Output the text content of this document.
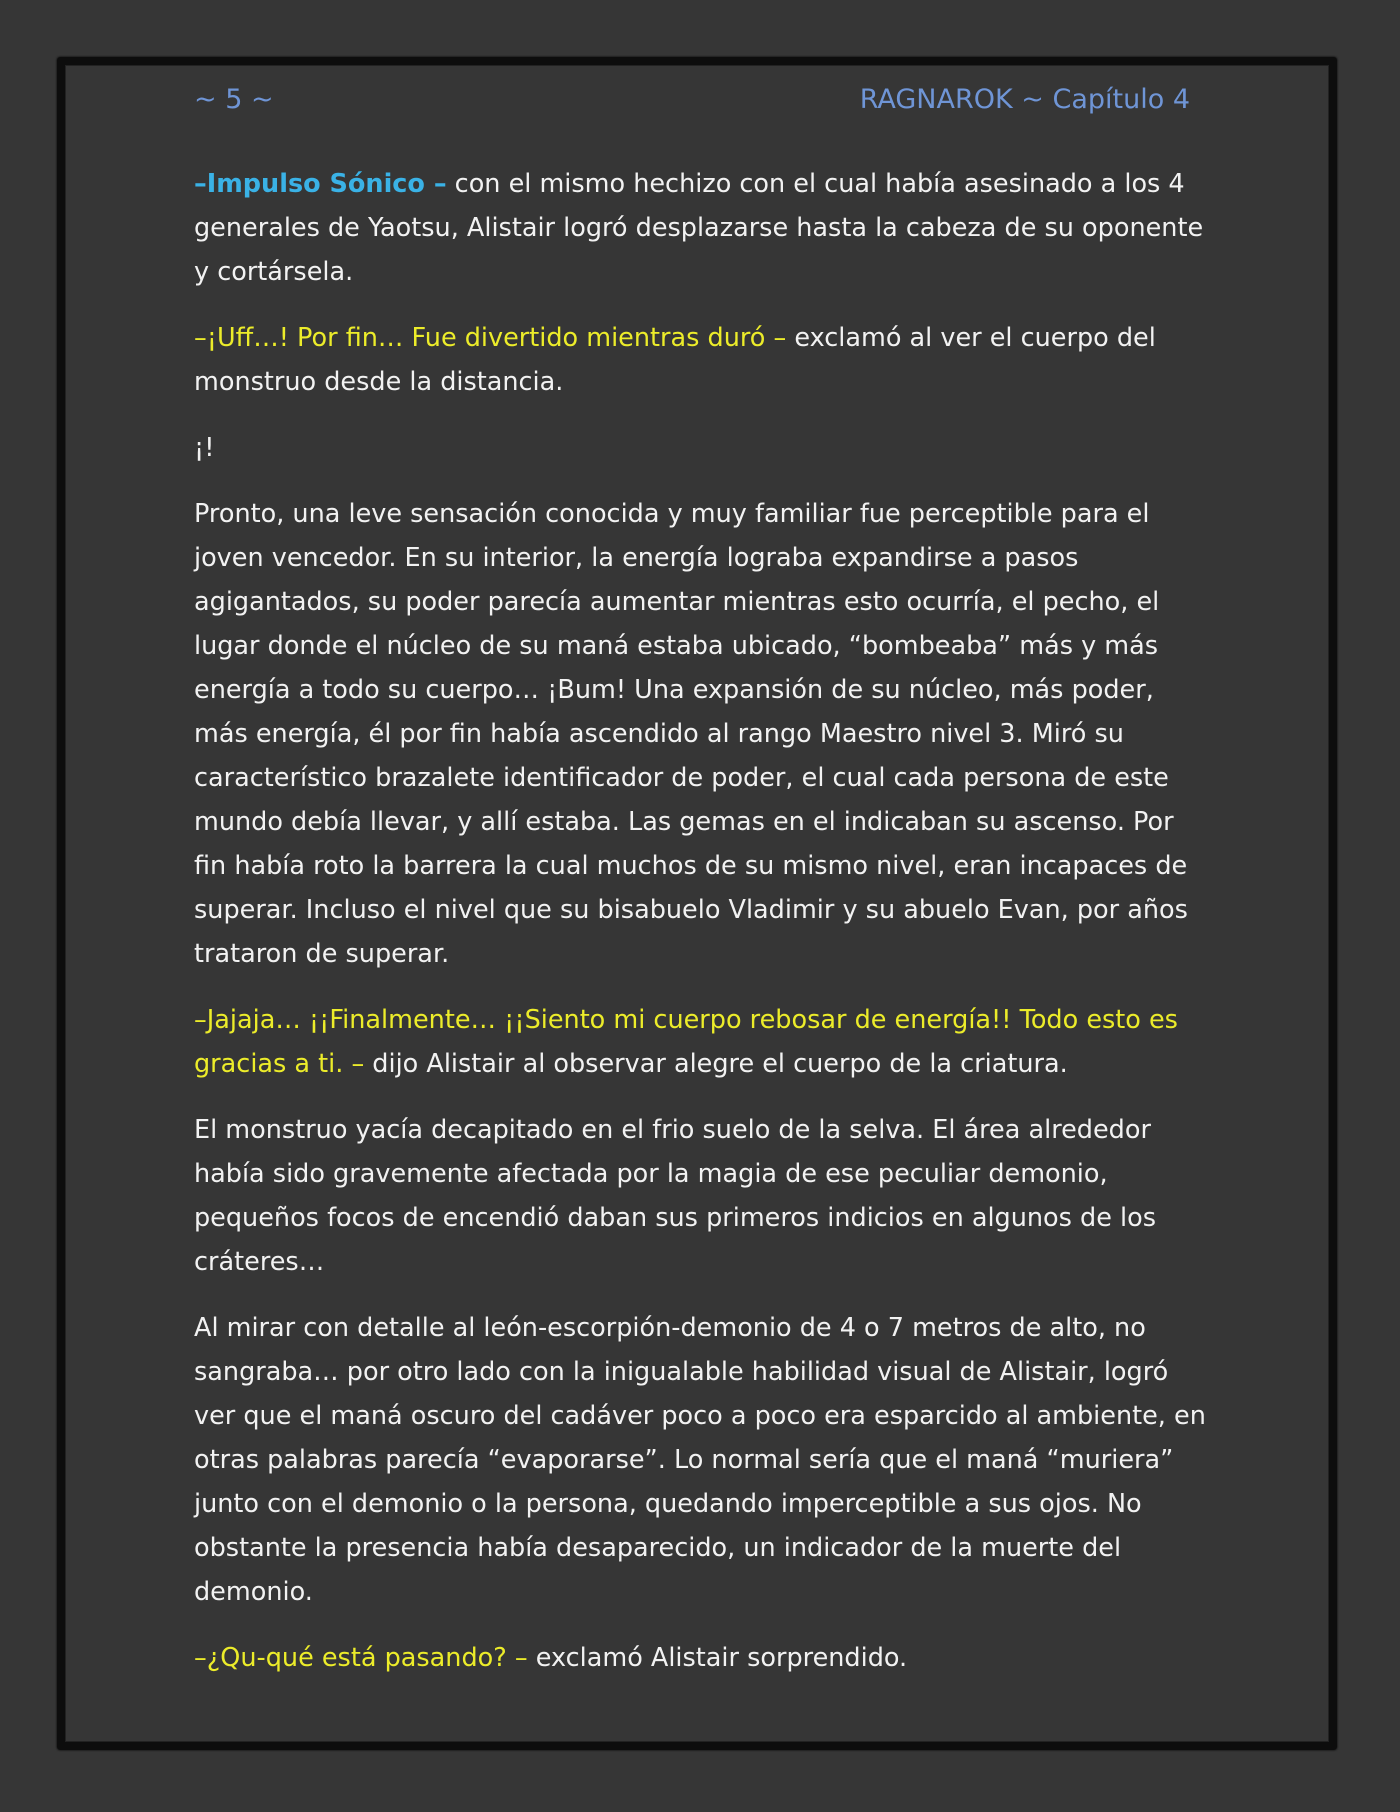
~ 5 ~	RAGNAROK ~ Capítulo 4

–Impulso Sónico – con el mismo hechizo con el cual había asesinado a los 4 generales de Yaotsu, Alistair logró desplazarse hasta la cabeza de su oponente y cortársela.

–¡Uff…! Por fin… Fue divertido mientras duró – exclamó al ver el cuerpo del monstruo desde la distancia.

¡!

Pronto, una leve sensación conocida y muy familiar fue perceptible para el joven vencedor. En su interior, la energía lograba expandirse a pasos agigantados, su poder parecía aumentar mientras esto ocurría, el pecho, el lugar donde el núcleo de su maná estaba ubicado, “bombeaba” más y más energía a todo su cuerpo… ¡Bum! Una expansión de su núcleo, más poder, más energía, él por fin había ascendido al rango Maestro nivel 3. Miró su característico brazalete identificador de poder, el cual cada persona de este mundo debía llevar, y allí estaba. Las gemas en el indicaban su ascenso. Por fin había roto la barrera la cual muchos de su mismo nivel, eran incapaces de superar. Incluso el nivel que su bisabuelo Vladimir y su abuelo Evan, por años trataron de superar.

–Jajaja… ¡¡Finalmente… ¡¡Siento mi cuerpo rebosar de energía!! Todo esto es gracias a ti. – dijo Alistair al observar alegre el cuerpo de la criatura.

El monstruo yacía decapitado en el frio suelo de la selva. El área alrededor había sido gravemente afectada por la magia de ese peculiar demonio, pequeños focos de encendió daban sus primeros indicios en algunos de los cráteres…

Al mirar con detalle al león-escorpión-demonio de 4 o 7 metros de alto, no sangraba… por otro lado con la inigualable habilidad visual de Alistair, logró ver que el maná oscuro del cadáver poco a poco era esparcido al ambiente, en otras palabras parecía “evaporarse”. Lo normal sería que el maná “muriera” junto con el demonio o la persona, quedando imperceptible a sus ojos. No obstante la presencia había desaparecido, un indicador de la muerte del demonio.

–¿Qu-qué está pasando? – exclamó Alistair sorprendido.
